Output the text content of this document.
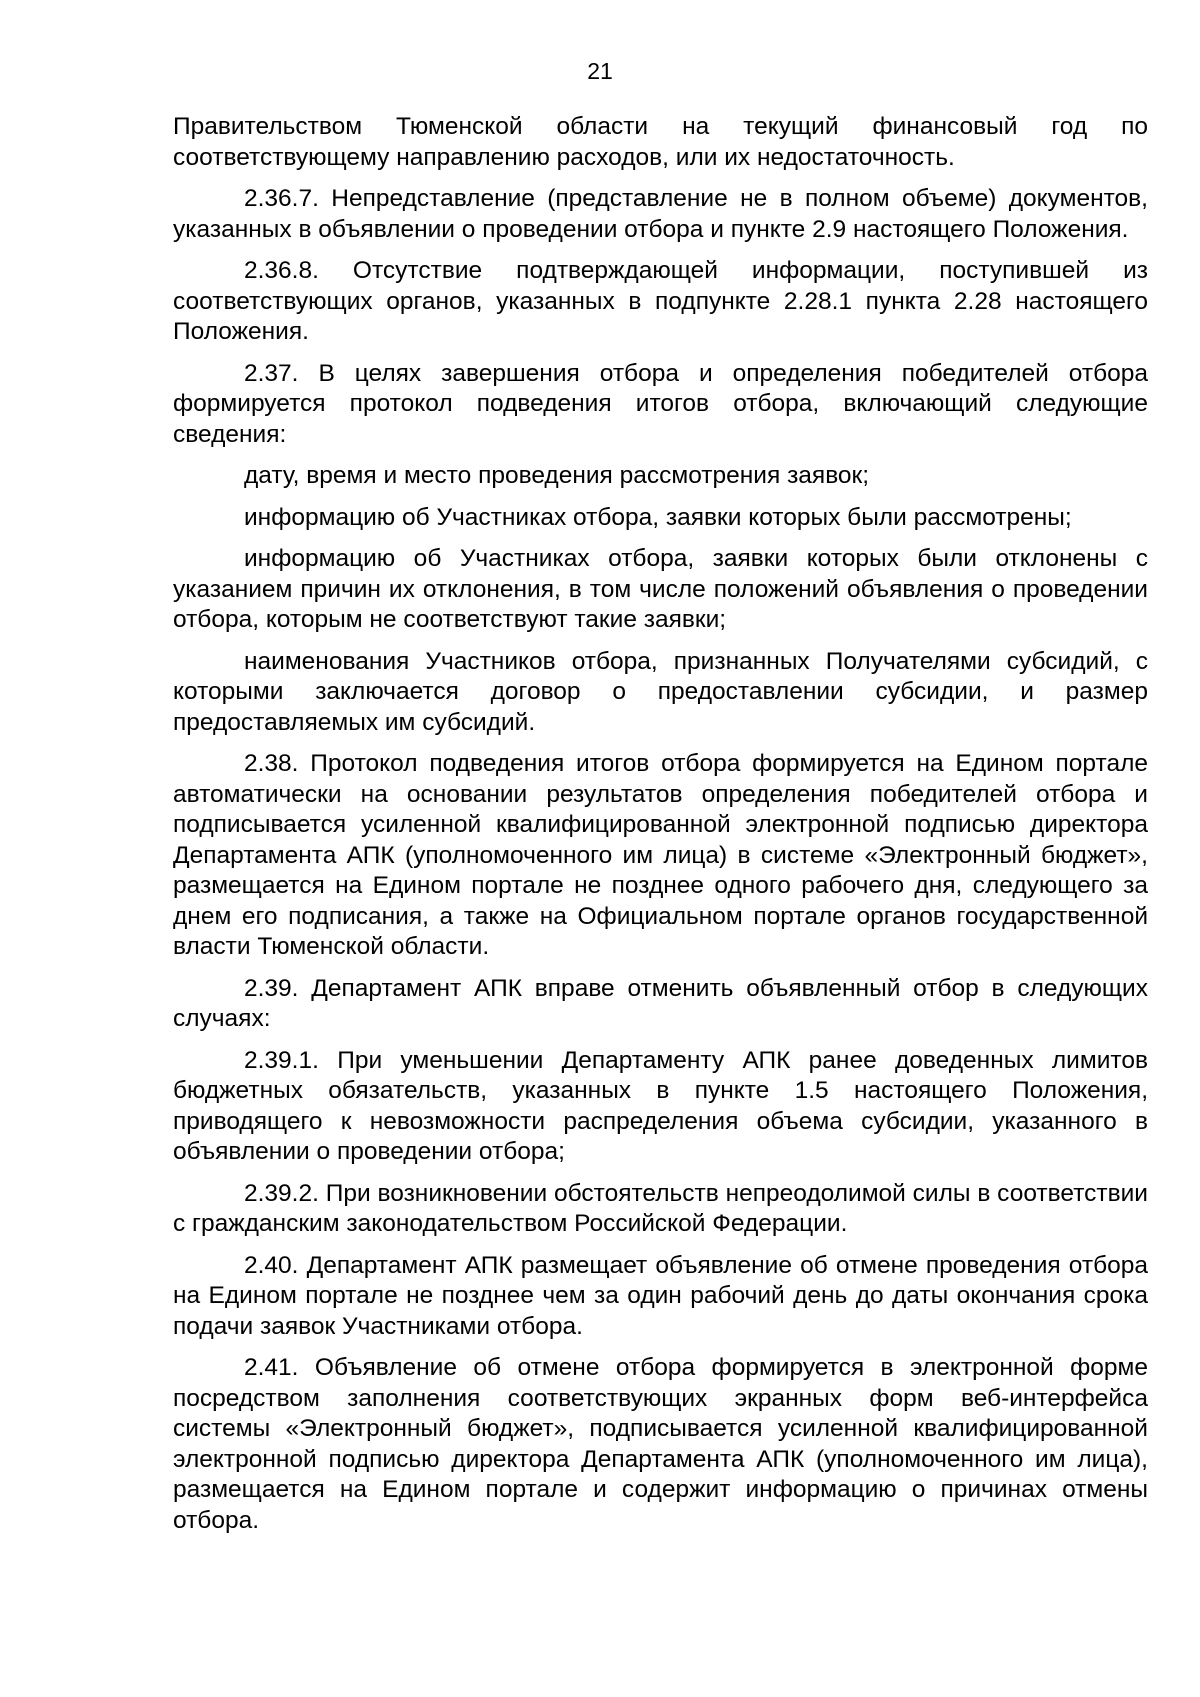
21

Правительством Тюменской области на текущий финансовый год по соответствующему направлению расходов, или их недостаточность.

2.36.7. Непредставление (представление не в полном объеме) документов, указанных в объявлении о проведении отбора и пункте 2.9 настоящего Положения.

2.36.8. Отсутствие подтверждающей информации, поступившей из соответствующих органов, указанных в подпункте 2.28.1 пункта 2.28 настоящего Положения.

2.37. В целях завершения отбора и определения победителей отбора формируется протокол подведения итогов отбора, включающий следующие сведения:

дату, время и место проведения рассмотрения заявок;

информацию об Участниках отбора, заявки которых были рассмотрены;

информацию об Участниках отбора, заявки которых были отклонены с указанием причин их отклонения, в том числе положений объявления о проведении отбора, которым не соответствуют такие заявки;

наименования Участников отбора, признанных Получателями субсидий, с которыми заключается договор о предоставлении субсидии, и размер предоставляемых им субсидий.

2.38. Протокол подведения итогов отбора формируется на Едином портале автоматически на основании результатов определения победителей отбора и подписывается усиленной квалифицированной электронной подписью директора Департамента АПК (уполномоченного им лица) в системе «Электронный бюджет», размещается на Едином портале не позднее одного рабочего дня, следующего за днем его подписания, а также на Официальном портале органов государственной власти Тюменской области.

2.39. Департамент АПК вправе отменить объявленный отбор в следующих случаях:

2.39.1. При уменьшении Департаменту АПК ранее доведенных лимитов бюджетных обязательств, указанных в пункте 1.5 настоящего Положения, приводящего к невозможности распределения объема субсидии, указанного в объявлении о проведении отбора;

2.39.2. При возникновении обстоятельств непреодолимой силы в соответствии с гражданским законодательством Российской Федерации.

2.40. Департамент АПК размещает объявление об отмене проведения отбора на Едином портале не позднее чем за один рабочий день до даты окончания срока подачи заявок Участниками отбора.

2.41. Объявление об отмене отбора формируется в электронной форме посредством заполнения соответствующих экранных форм веб-интерфейса системы «Электронный бюджет», подписывается усиленной квалифицированной электронной подписью директора Департамента АПК (уполномоченного им лица), размещается на Едином портале и содержит информацию о причинах отмены отбора.
